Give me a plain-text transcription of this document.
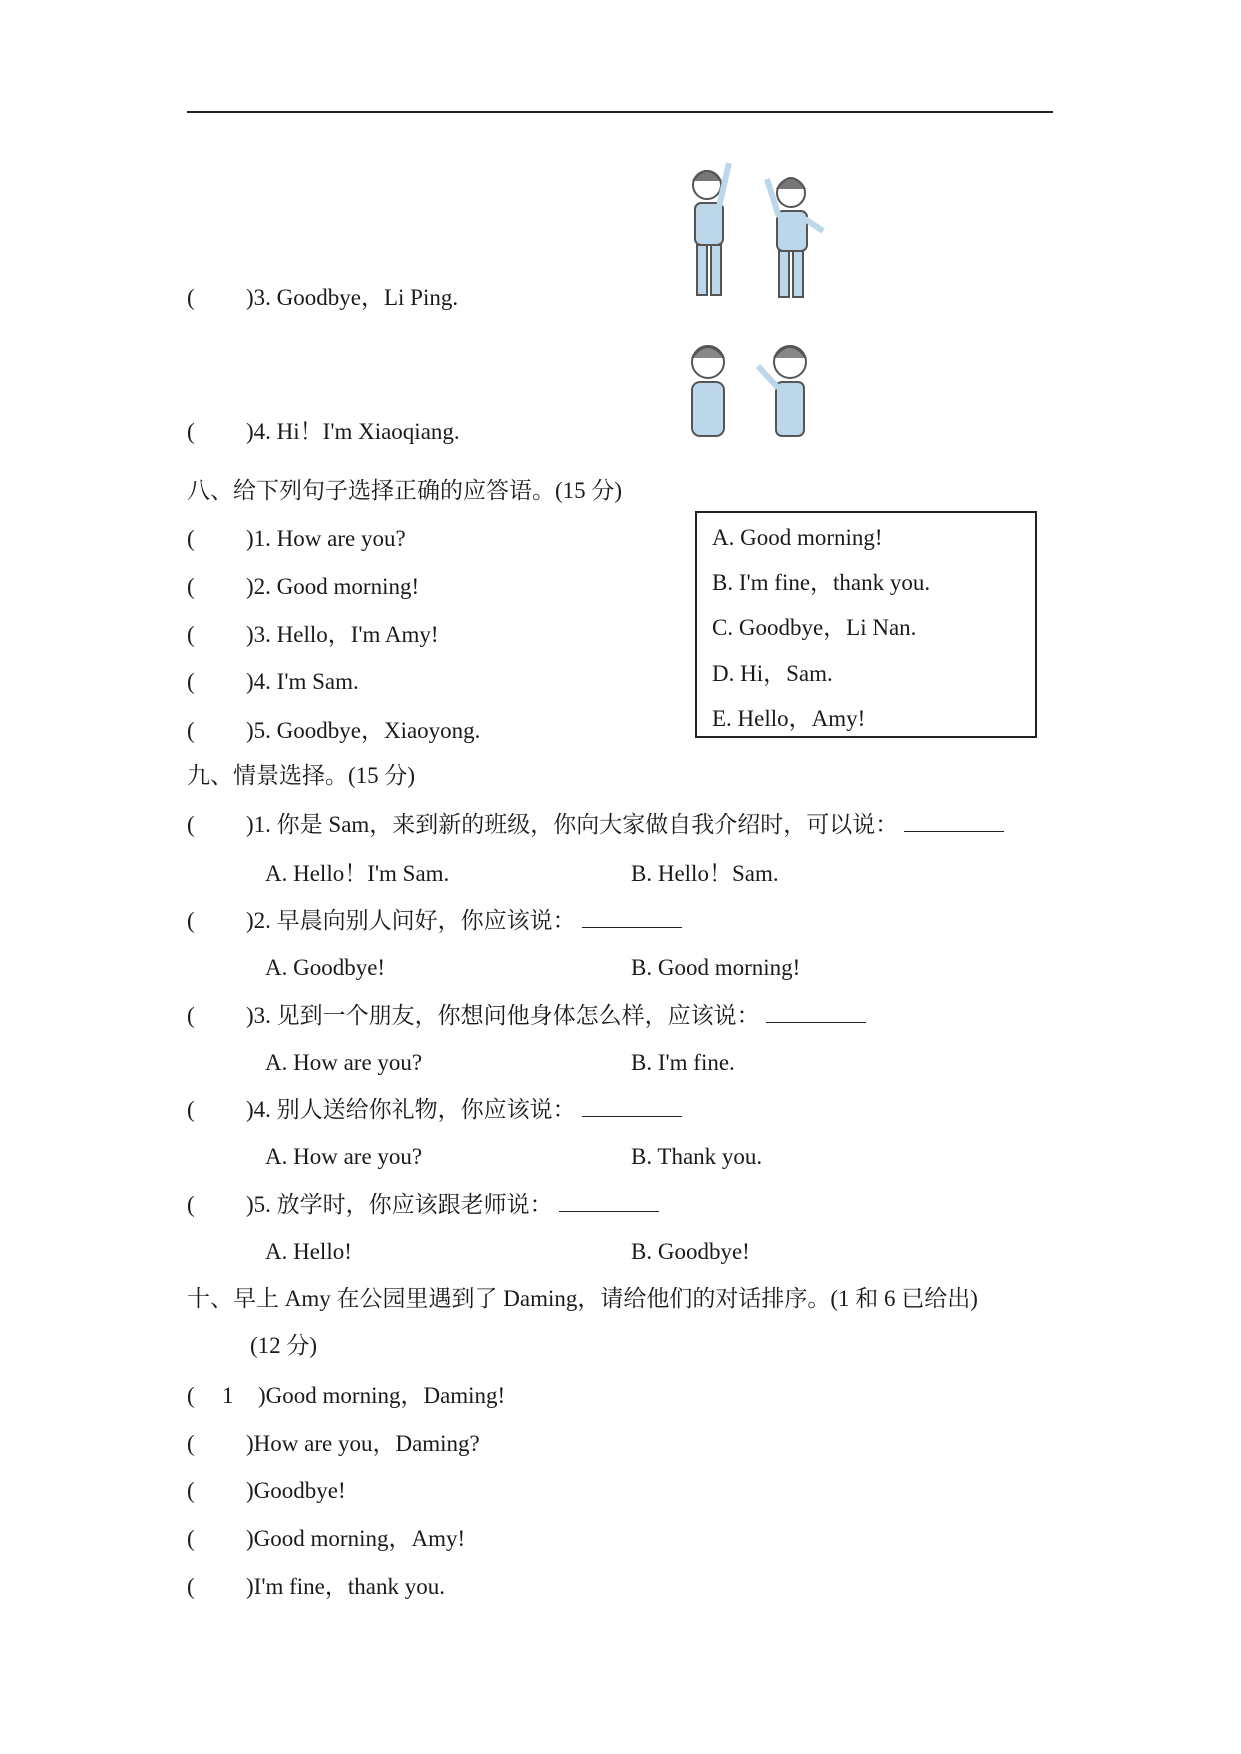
( )3. Goodbye，Li Ping.
( )4. Hi！I'm Xiaoqiang.
八、给下列句子选择正确的应答语。(15 分)
( )1. How are you?
( )2. Good morning!
( )3. Hello，I'm Amy!
( )4. I'm Sam.
( )5. Goodbye，Xiaoyong.
A. Good morning!
B. I'm fine，thank you.
C. Goodbye，Li Nan.
D. Hi，Sam.
E. Hello，Amy!
九、情景选择。(15 分)
( )1. 你是 Sam，来到新的班级，你向大家做自我介绍时，可以说：
A. Hello！I'm Sam.	B. Hello！Sam.
( )2. 早晨向别人问好，你应该说：
A. Goodbye!	B. Good morning!
( )3. 见到一个朋友，你想问他身体怎么样，应该说：
A. How are you?	B. I'm fine.
( )4. 别人送给你礼物，你应该说：
A. How are you?	B. Thank you.
( )5. 放学时，你应该跟老师说：
A. Hello!	B. Goodbye!
十、早上 Amy 在公园里遇到了 Daming，请给他们的对话排序。(1 和 6 已给出)
(12 分)
( 1 )Good morning，Daming!
( )How are you，Daming?
( )Goodbye!
( )Good morning，Amy!
( )I'm fine，thank you.
